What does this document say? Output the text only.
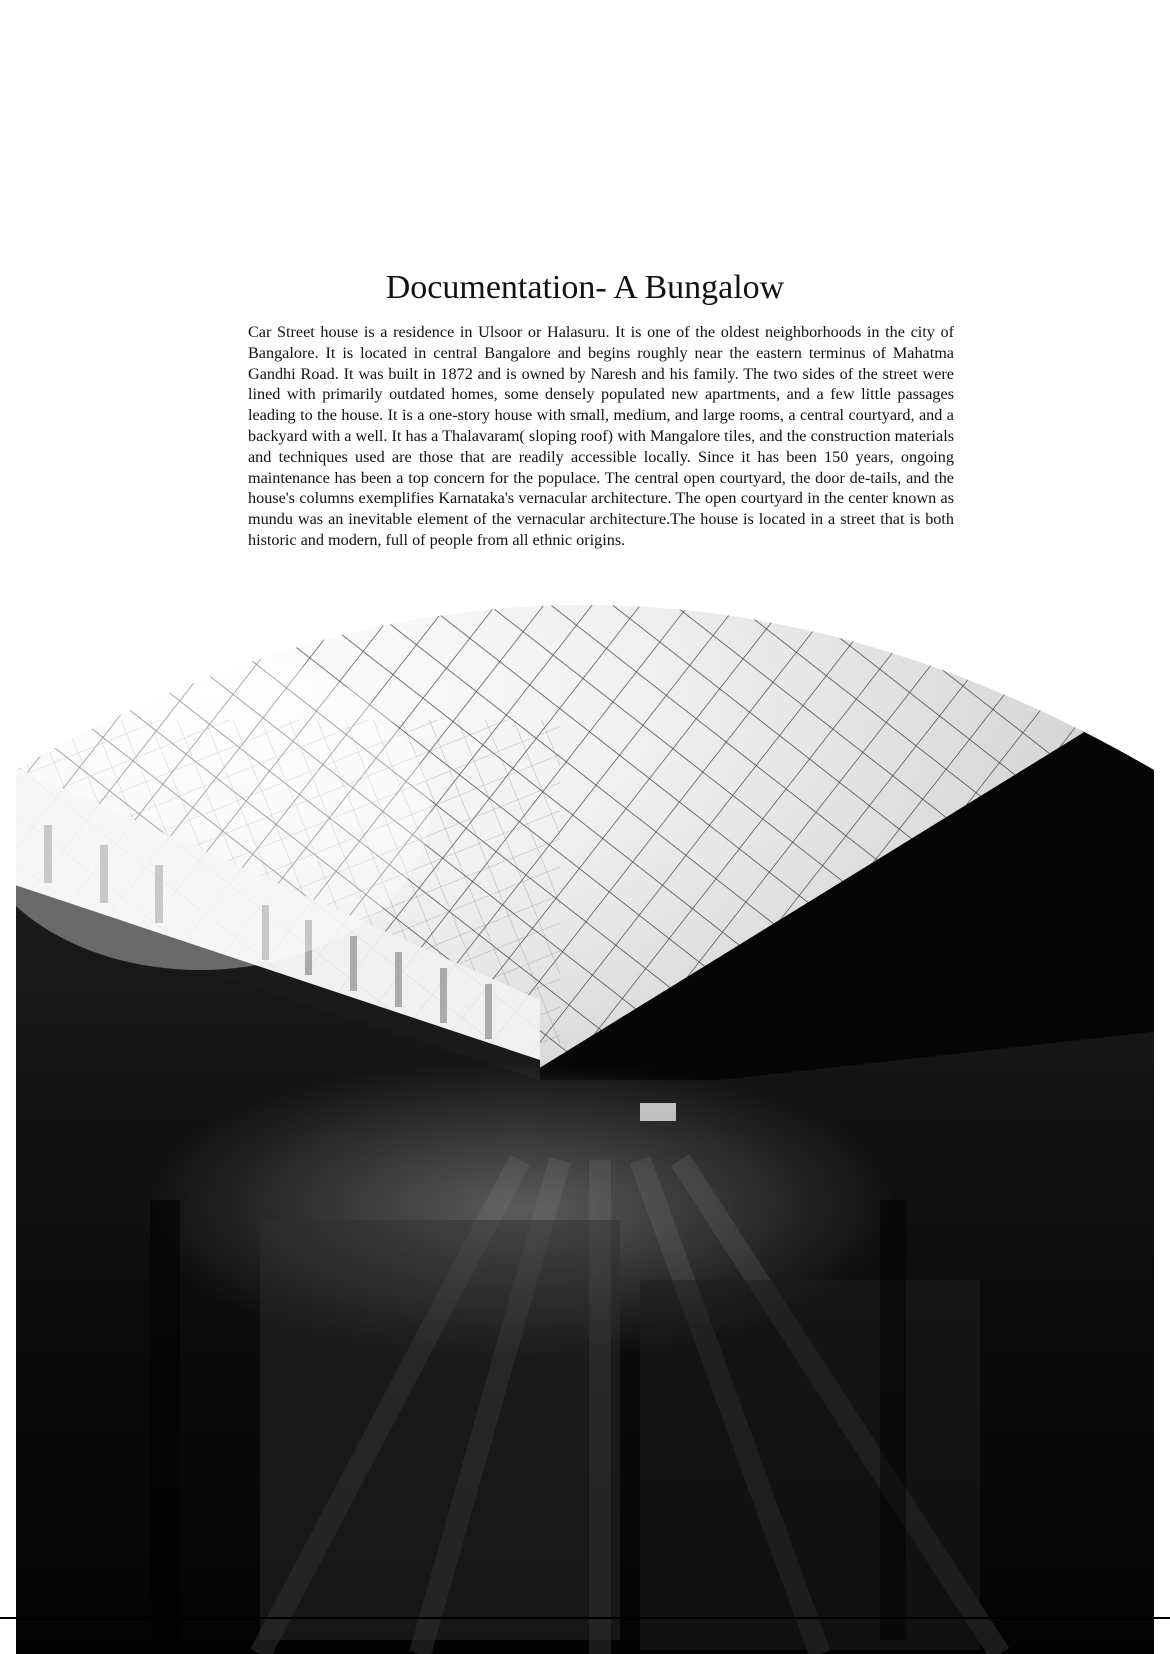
Documentation- A Bungalow

Car Street house is a residence in Ulsoor or Halasuru. It is one of the oldest neighborhoods in the city of Bangalore. It is located in central Bangalore and begins roughly near the eastern terminus of Mahatma Gandhi Road. It was built in 1872 and is owned by Naresh and his family. The two sides of the street were lined with primarily outdated homes, some densely populated new apartments, and a few little passages leading to the house. It is a one-story house with small, medium, and large rooms, a central courtyard, and a backyard with a well. It has a Thalavaram( sloping roof) with Mangalore tiles, and the construction materials and techniques used are those that are readily accessible locally. Since it has been 150 years, ongoing maintenance has been a top concern for the populace. The central open courtyard, the door de-tails, and the house's columns exemplifies Karnataka's vernacular architecture. The open courtyard in the center known as mundu was an inevitable element of the vernacular architecture.The house is located in a street that is both historic and modern, full of people from all ethnic origins.
